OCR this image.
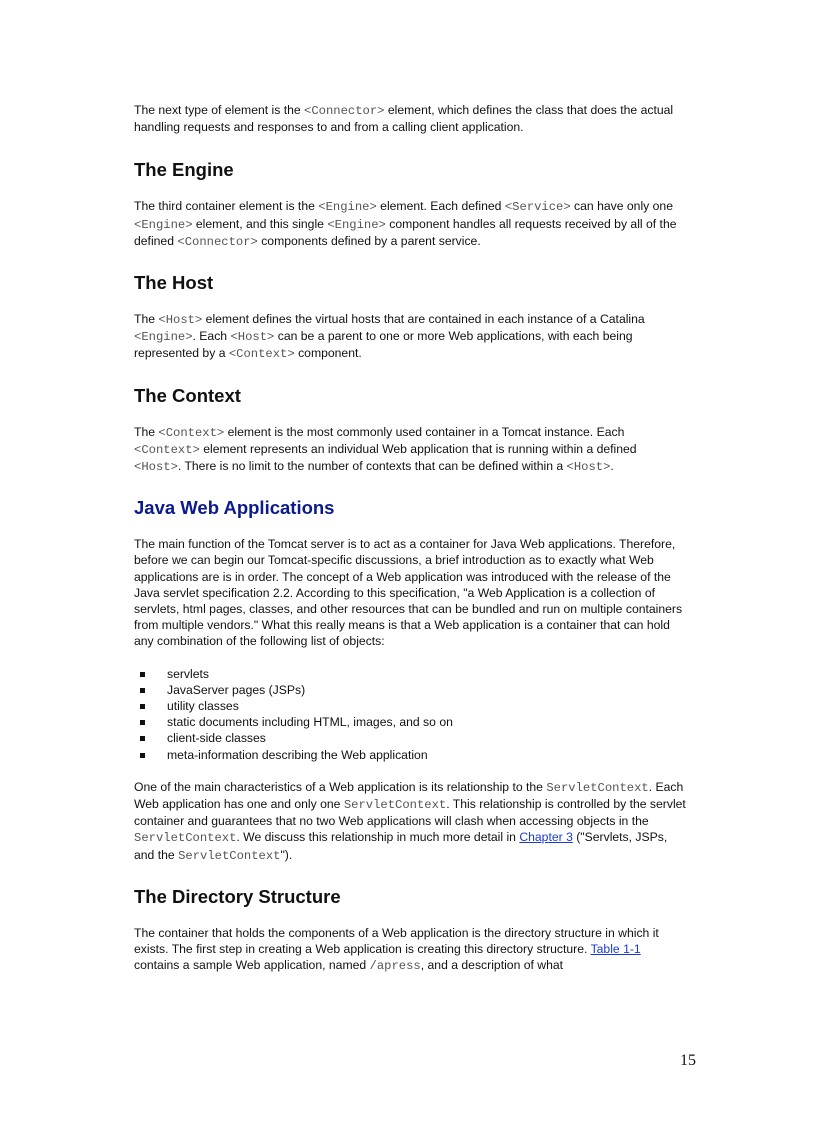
The next type of element is the <Connector> element, which defines the class that does the actual handling requests and responses to and from a calling client application.

The Engine

The third container element is the <Engine> element. Each defined <Service> can have only one <Engine> element, and this single <Engine> component handles all requests received by all of the defined <Connector> components defined by a parent service.

The Host

The <Host> element defines the virtual hosts that are contained in each instance of a Catalina <Engine>. Each <Host> can be a parent to one or more Web applications, with each being represented by a <Context> component.

The Context

The <Context> element is the most commonly used container in a Tomcat instance. Each <Context> element represents an individual Web application that is running within a defined <Host>. There is no limit to the number of contexts that can be defined within a <Host>.

Java Web Applications

The main function of the Tomcat server is to act as a container for Java Web applications. Therefore, before we can begin our Tomcat-specific discussions, a brief introduction as to exactly what Web applications are is in order. The concept of a Web application was introduced with the release of the Java servlet specification 2.2. According to this specification, "a Web Application is a collection of servlets, html pages, classes, and other resources that can be bundled and run on multiple containers from multiple vendors." What this really means is that a Web application is a container that can hold any combination of the following list of objects:

servlets
JavaServer pages (JSPs)
utility classes
static documents including HTML, images, and so on
client-side classes
meta-information describing the Web application

One of the main characteristics of a Web application is its relationship to the ServletContext. Each Web application has one and only one ServletContext. This relationship is controlled by the servlet container and guarantees that no two Web applications will clash when accessing objects in the ServletContext. We discuss this relationship in much more detail in Chapter 3 ("Servlets, JSPs, and the ServletContext").

The Directory Structure

The container that holds the components of a Web application is the directory structure in which it exists. The first step in creating a Web application is creating this directory structure. Table 1-1 contains a sample Web application, named /apress, and a description of what

15
